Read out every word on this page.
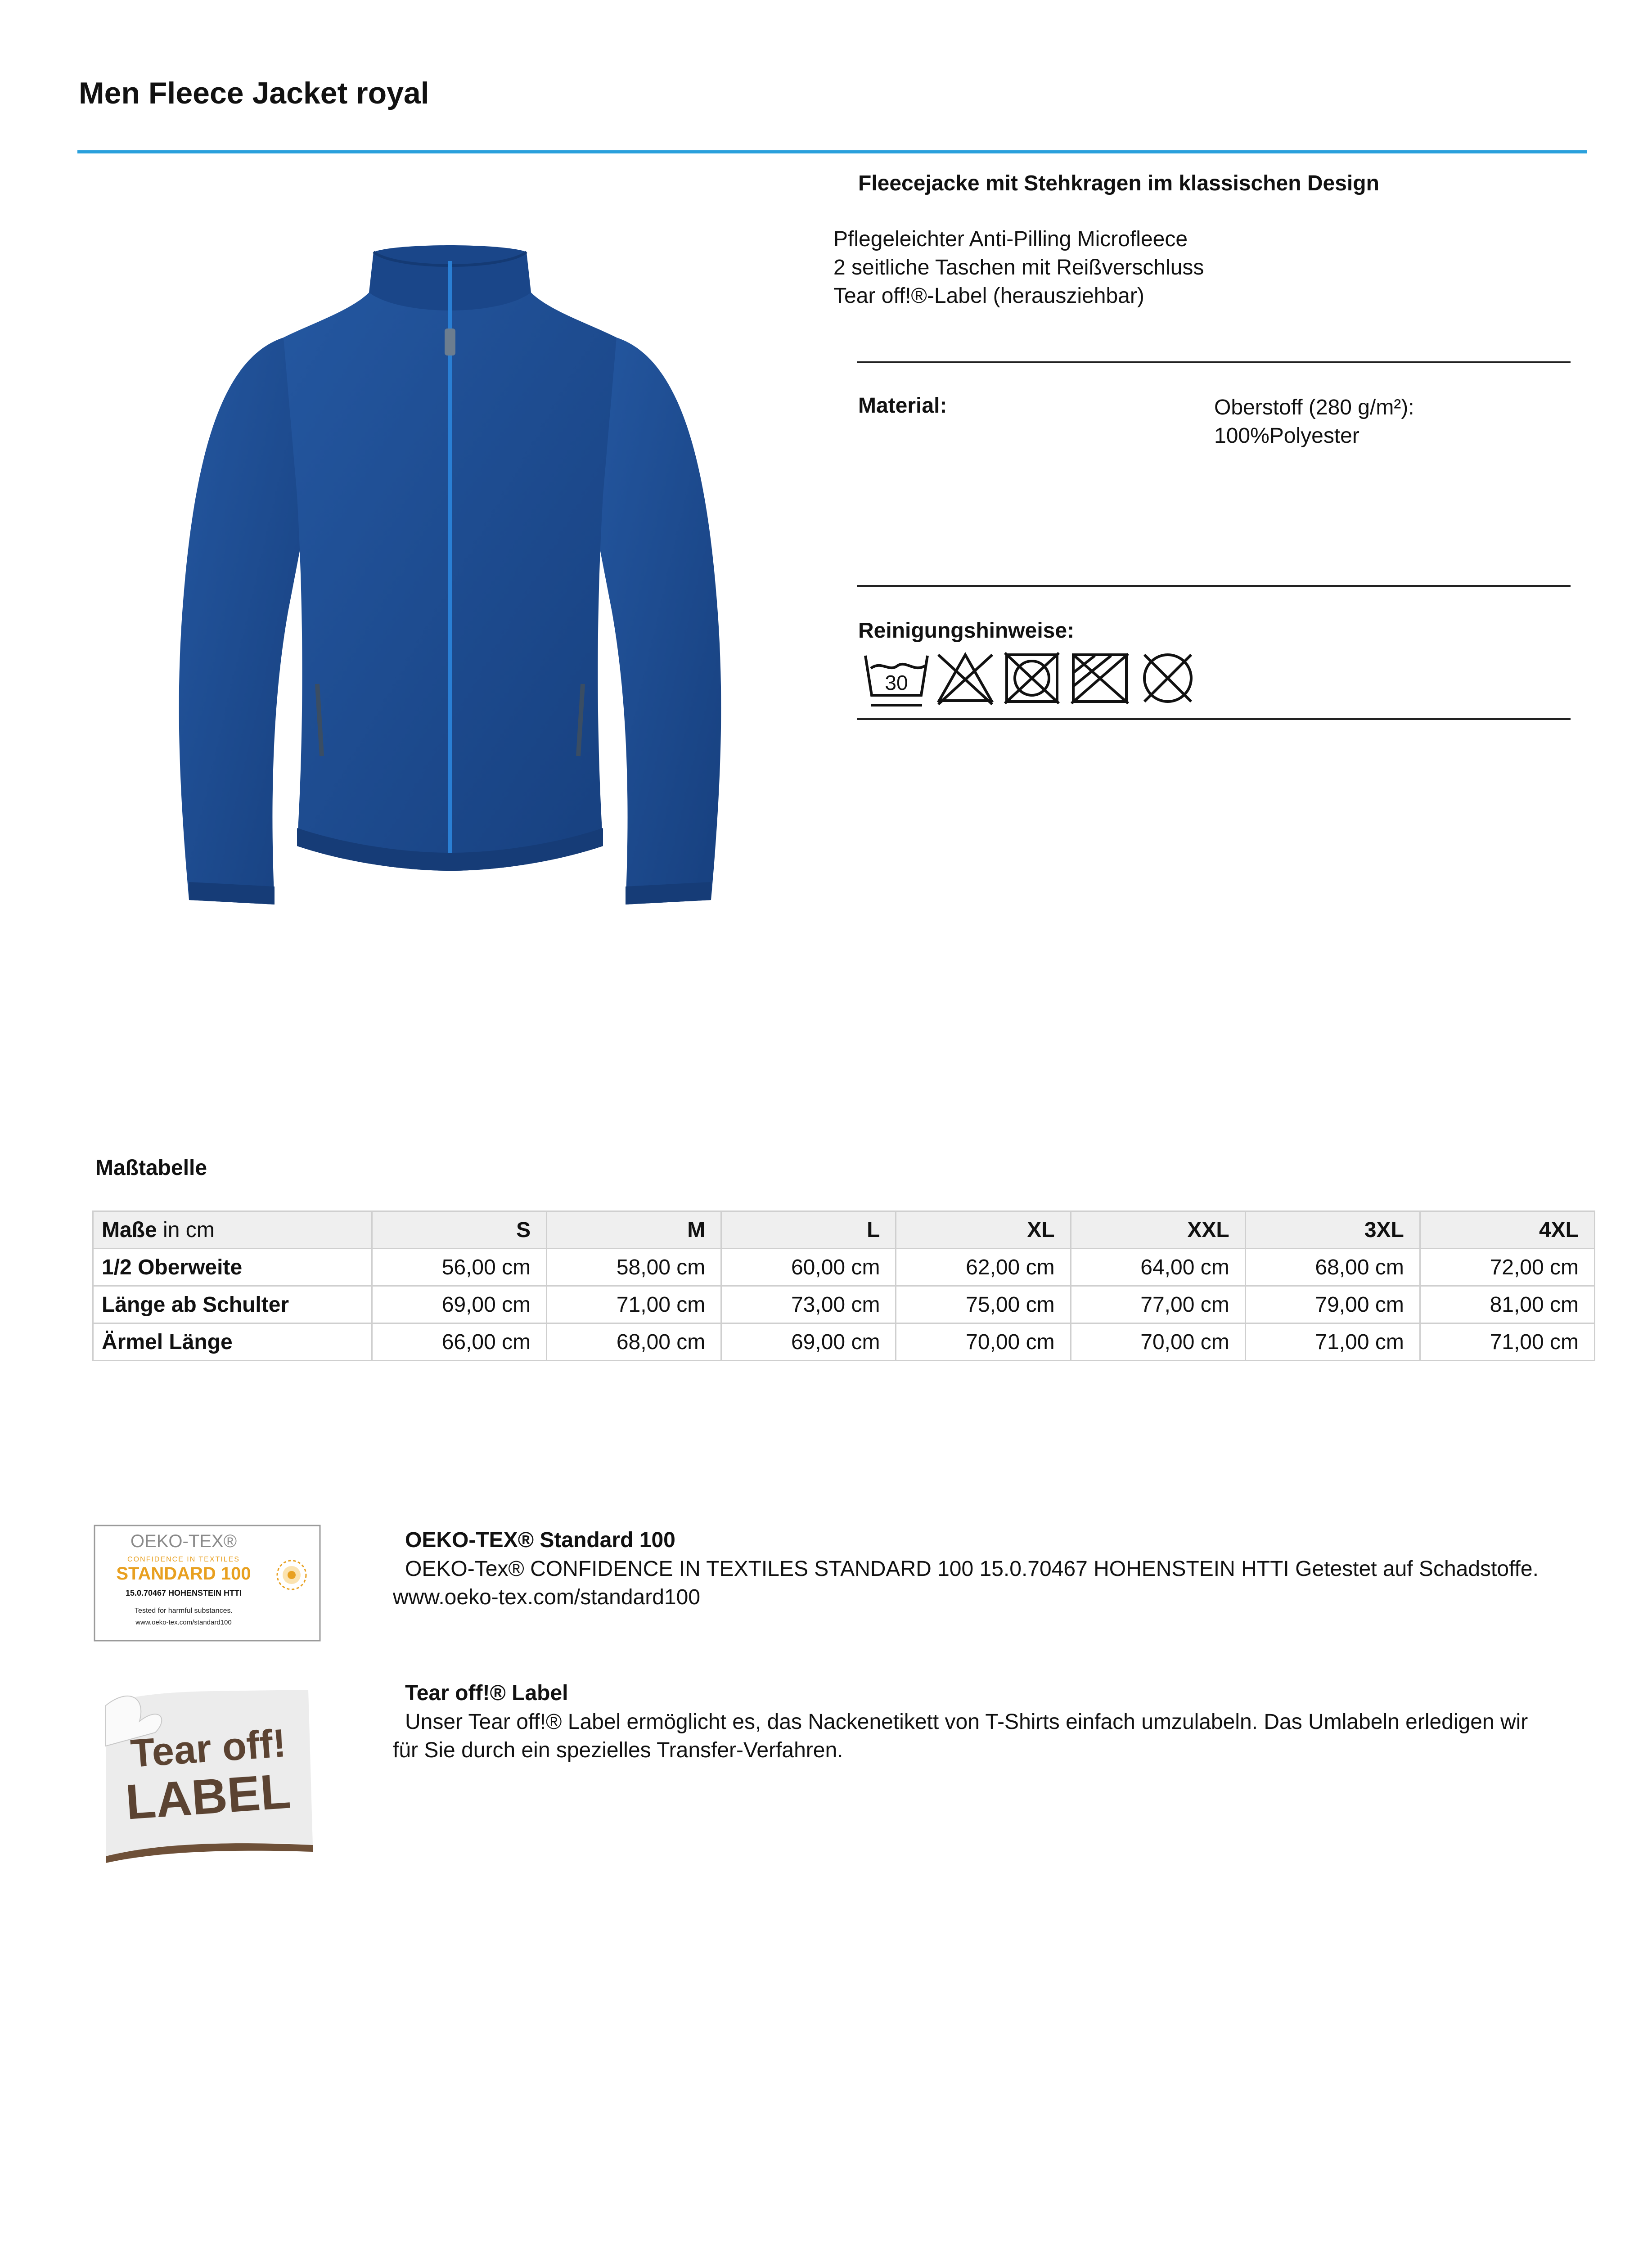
Men Fleece Jacket royal
Fleecejacke mit Stehkragen im klassischen Design
Pflegeleichter Anti-Pilling Microfleece
2 seitliche Taschen mit Reißverschluss
Tear off!®-Label (herausziehbar)
Material:	Oberstoff (280 g/m²):
100%Polyester
Reinigungshinweise:
30
Maßtabelle
Maße in cm	S	M	L	XL	XXL	3XL	4XL
1/2 Oberweite	56,00 cm	58,00 cm	60,00 cm	62,00 cm	64,00 cm	68,00 cm	72,00 cm
Länge ab Schulter	69,00 cm	71,00 cm	73,00 cm	75,00 cm	77,00 cm	79,00 cm	81,00 cm
Ärmel Länge	66,00 cm	68,00 cm	69,00 cm	70,00 cm	70,00 cm	71,00 cm	71,00 cm
OEKO-TEX®
CONFIDENCE IN TEXTILES
STANDARD 100
15.0.70467 HOHENSTEIN HTTI
Tested for harmful substances.
www.oeko-tex.com/standard100
OEKO-TEX® Standard 100
OEKO-Tex® CONFIDENCE IN TEXTILES STANDARD 100 15.0.70467 HOHENSTEIN HTTI Getestet auf Schadstoffe. www.oeko-tex.com/standard100
Tear off!
LABEL
Tear off!® Label
Unser Tear off!® Label ermöglicht es, das Nackenetikett von T-Shirts einfach umzulabeln. Das Umlabeln erledigen wir für Sie durch ein spezielles Transfer-Verfahren.
